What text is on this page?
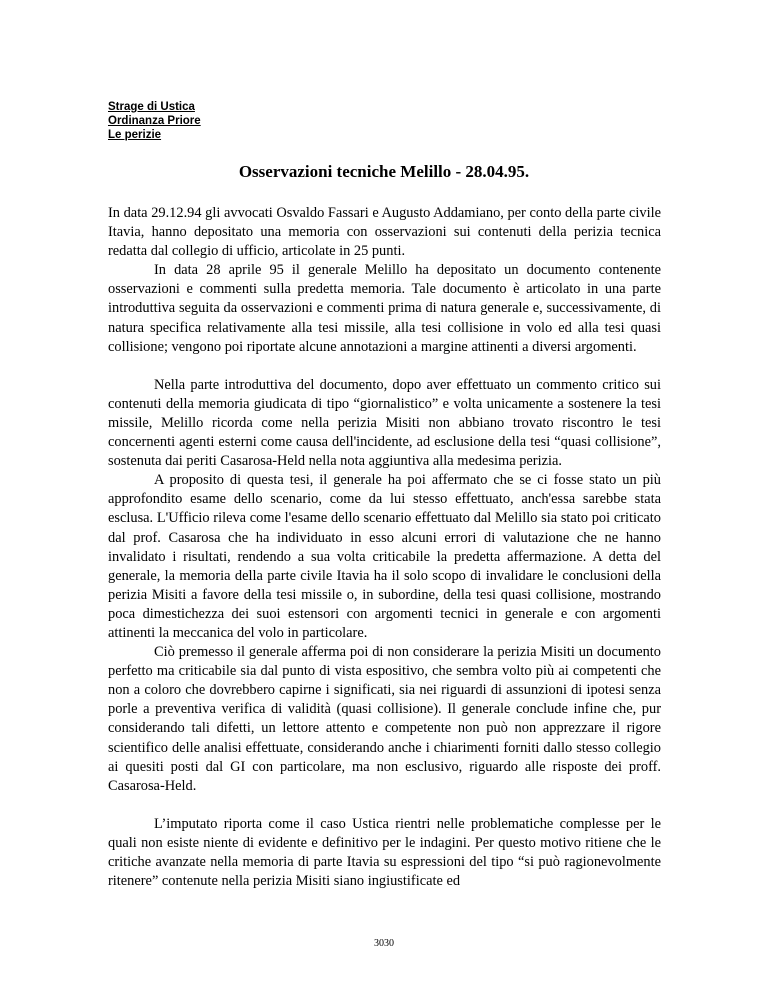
Strage di Ustica
Ordinanza Priore
Le perizie
Osservazioni tecniche Melillo - 28.04.95.

In data 29.12.94 gli avvocati Osvaldo Fassari e Augusto Addamiano, per conto della parte civile Itavia, hanno depositato una memoria con osservazioni sui contenuti della perizia tecnica redatta dal collegio di ufficio, articolate in 25 punti.

In data 28 aprile 95 il generale Melillo ha depositato un documento contenente osservazioni e commenti sulla predetta memoria. Tale documento è articolato in una parte introduttiva seguita da osservazioni e commenti prima di natura generale e, successivamente, di natura specifica relativamente alla tesi missile, alla tesi collisione in volo ed alla tesi quasi collisione; vengono poi riportate alcune annotazioni a margine attinenti a diversi argomenti.

Nella parte introduttiva del documento, dopo aver effettuato un commento critico sui contenuti della memoria giudicata di tipo “giornalistico” e volta unicamente a sostenere la tesi missile, Melillo ricorda come nella perizia Misiti non abbiano trovato riscontro le tesi concernenti agenti esterni come causa dell'incidente, ad esclusione della tesi “quasi collisione”, sostenuta dai periti Casarosa-Held nella nota aggiuntiva alla medesima perizia.

A proposito di questa tesi, il generale ha poi affermato che se ci fosse stato un più approfondito esame dello scenario, come da lui stesso effettuato, anch'essa sarebbe stata esclusa. L'Ufficio rileva come l'esame dello scenario effettuato dal Melillo sia stato poi criticato dal prof. Casarosa che ha individuato in esso alcuni errori di valutazione che ne hanno invalidato i risultati, rendendo a sua volta criticabile la predetta affermazione. A detta del generale, la memoria della parte civile Itavia ha il solo scopo di invalidare le conclusioni della perizia Misiti a favore della tesi missile o, in subordine, della tesi quasi collisione, mostrando poca dimestichezza dei suoi estensori con argomenti tecnici in generale e con argomenti attinenti la meccanica del volo in particolare.

Ciò premesso il generale afferma poi di non considerare la perizia Misiti un documento perfetto ma criticabile sia dal punto di vista espositivo, che sembra volto più ai competenti che non a coloro che dovrebbero capirne i significati, sia nei riguardi di assunzioni di ipotesi senza porle a preventiva verifica di validità (quasi collisione). Il generale conclude infine che, pur considerando tali difetti, un lettore attento e competente non può non apprezzare il rigore scientifico delle analisi effettuate, considerando anche i chiarimenti forniti dallo stesso collegio ai quesiti posti dal GI con particolare, ma non esclusivo, riguardo alle risposte dei proff. Casarosa-Held.

L’imputato riporta come il caso Ustica rientri nelle problematiche complesse per le quali non esiste niente di evidente e definitivo per le indagini. Per questo motivo ritiene che le critiche avanzate nella memoria di parte Itavia su espressioni del tipo “si può ragionevolmente ritenere” contenute nella perizia Misiti siano ingiustificate ed

3030
